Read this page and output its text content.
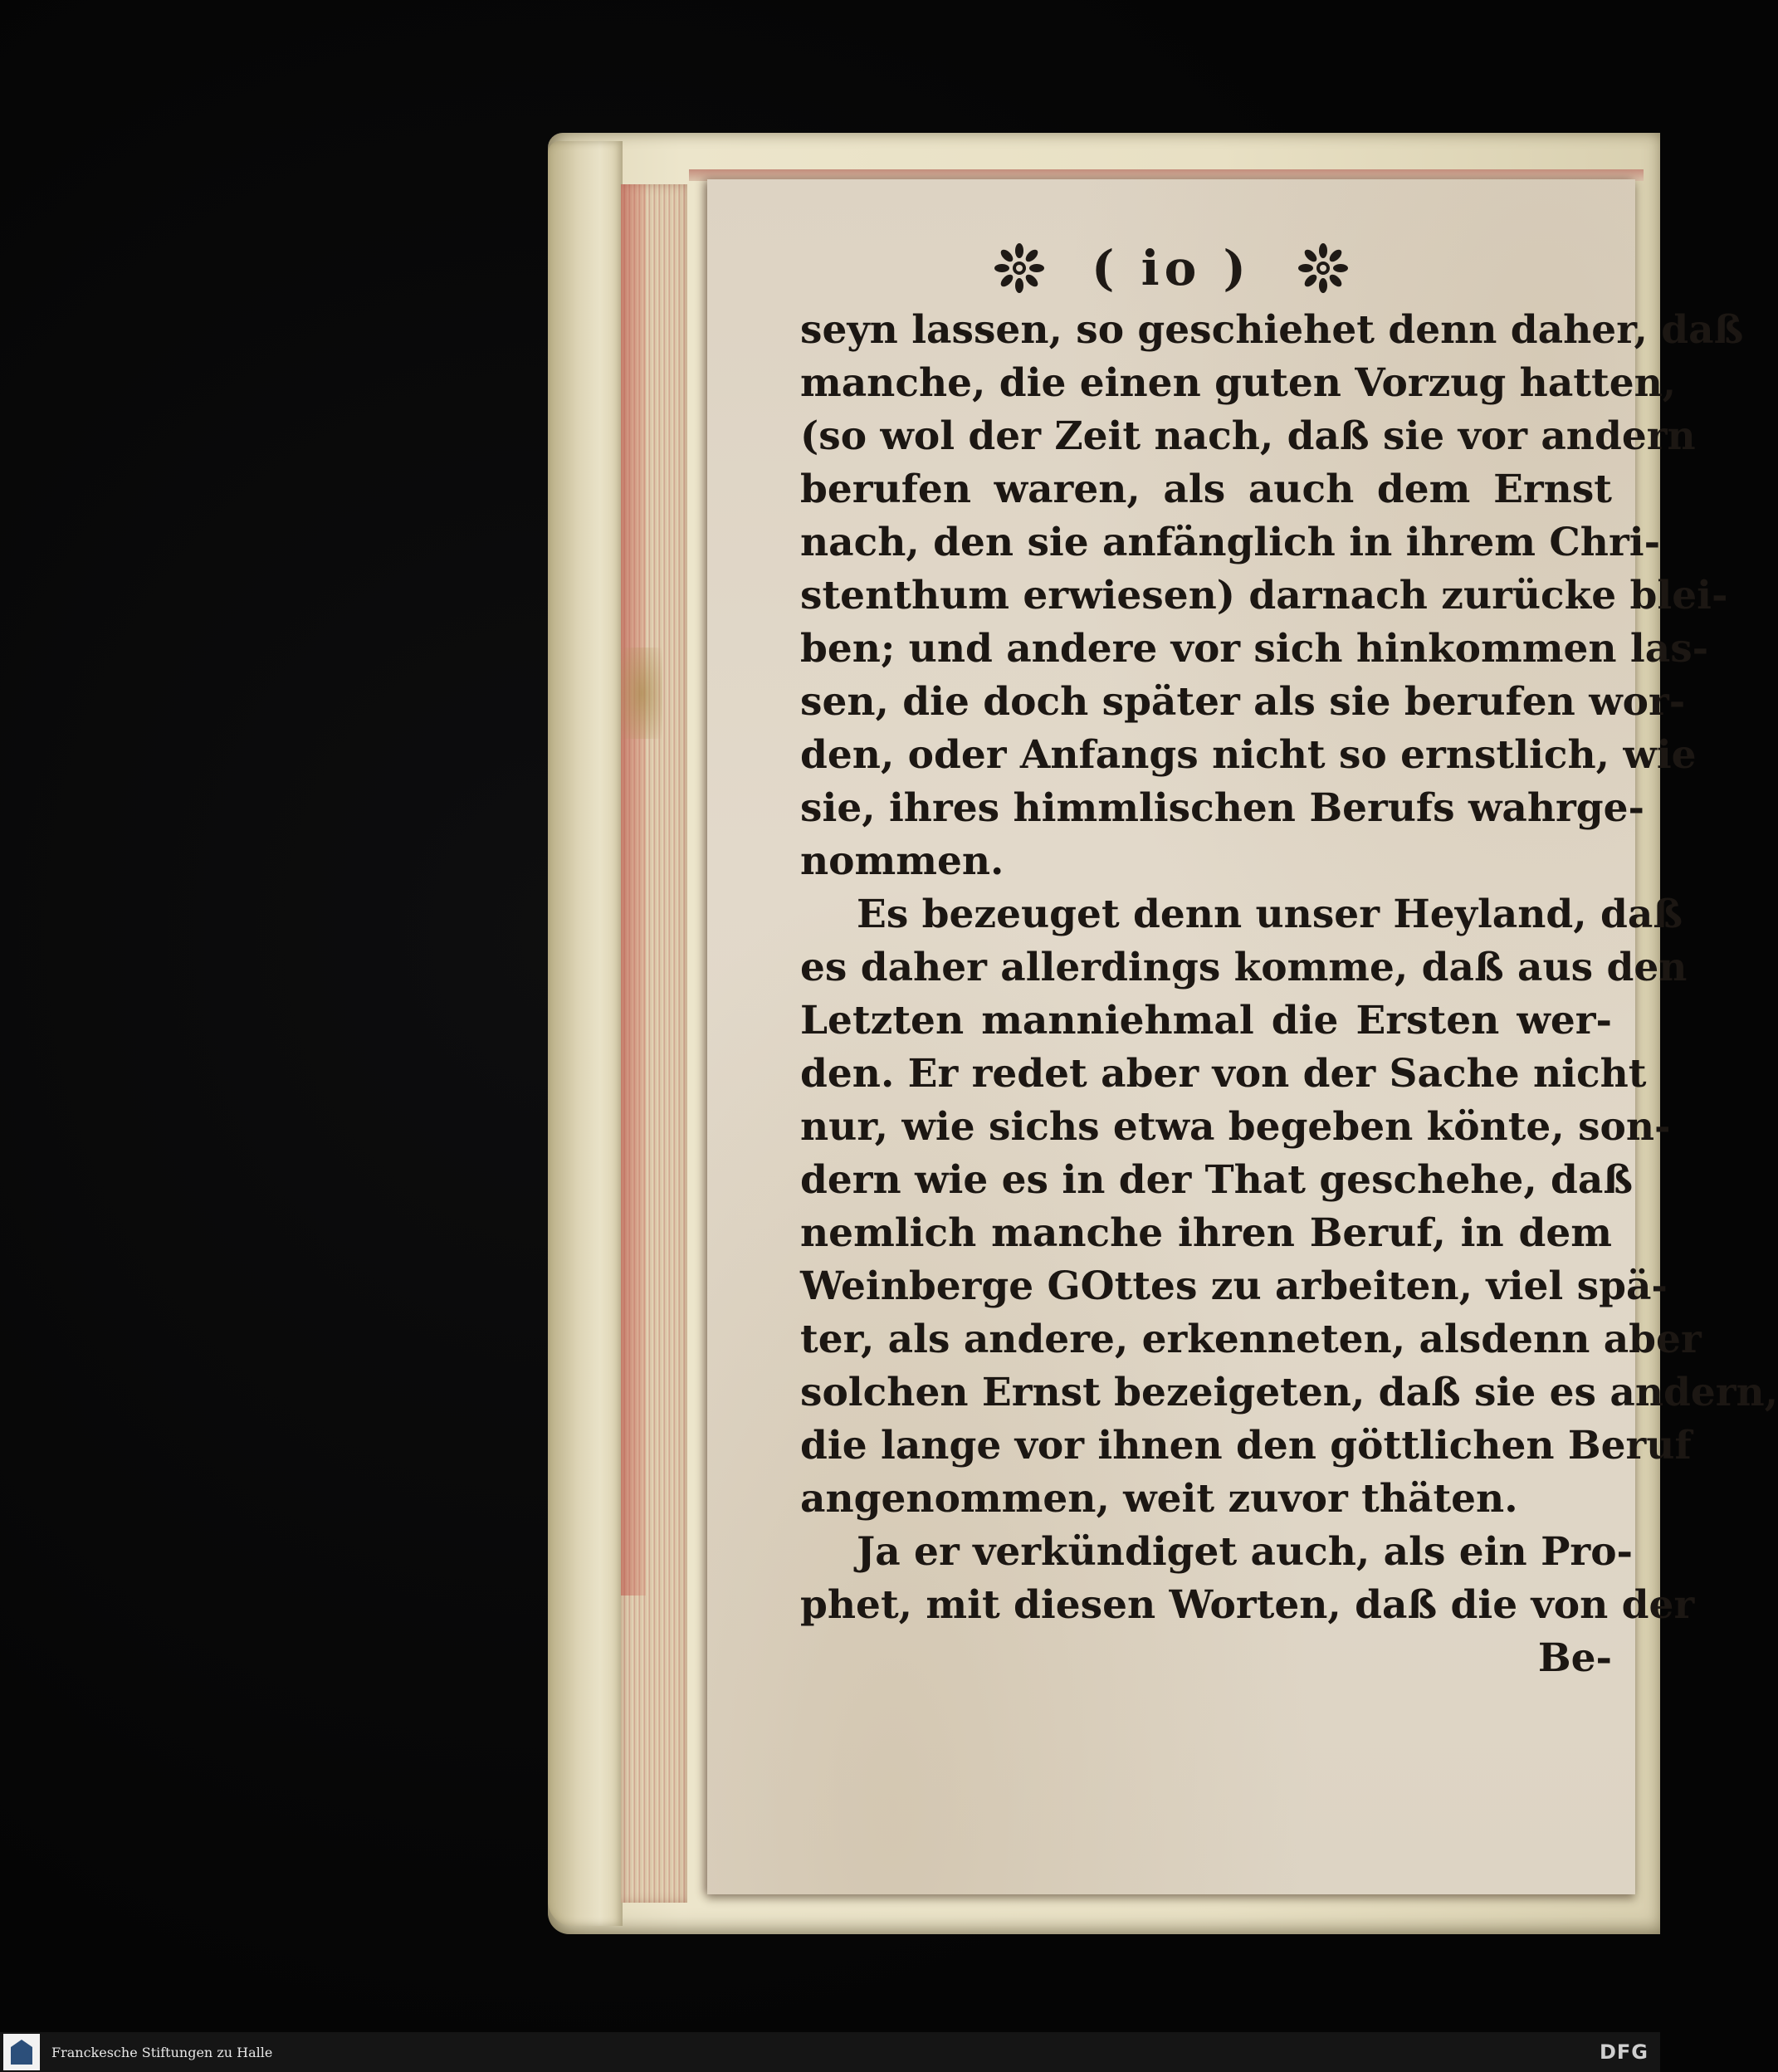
( io )
seyn lassen, so geschiehet denn daher, daß
manche, die einen guten Vorzug hatten,
(so wol der Zeit nach, daß sie vor andern
berufen waren, als auch dem Ernst
nach, den sie anfänglich in ihrem Chri-
stenthum erwiesen) darnach zurücke blei-
ben; und andere vor sich hinkommen las-
sen, die doch später als sie berufen wor-
den, oder Anfangs nicht so ernstlich, wie
sie, ihres himmlischen Berufs wahrge-
nommen.
Es bezeuget denn unser Heyland, daß
es daher allerdings komme, daß aus den
Letzten manniehmal die Ersten wer-
den. Er redet aber von der Sache nicht
nur, wie sichs etwa begeben könte, son-
dern wie es in der That geschehe, daß
nemlich manche ihren Beruf, in dem
Weinberge GOttes zu arbeiten, viel spä-
ter, als andere, erkenneten, alsdenn aber
solchen Ernst bezeigeten, daß sie es andern,
die lange vor ihnen den göttlichen Beruf
angenommen, weit zuvor thäten.
Ja er verkündiget auch, als ein Pro-
phet, mit diesen Worten, daß die von der
Be-
Franckesche Stiftungen zu Halle	DFG
